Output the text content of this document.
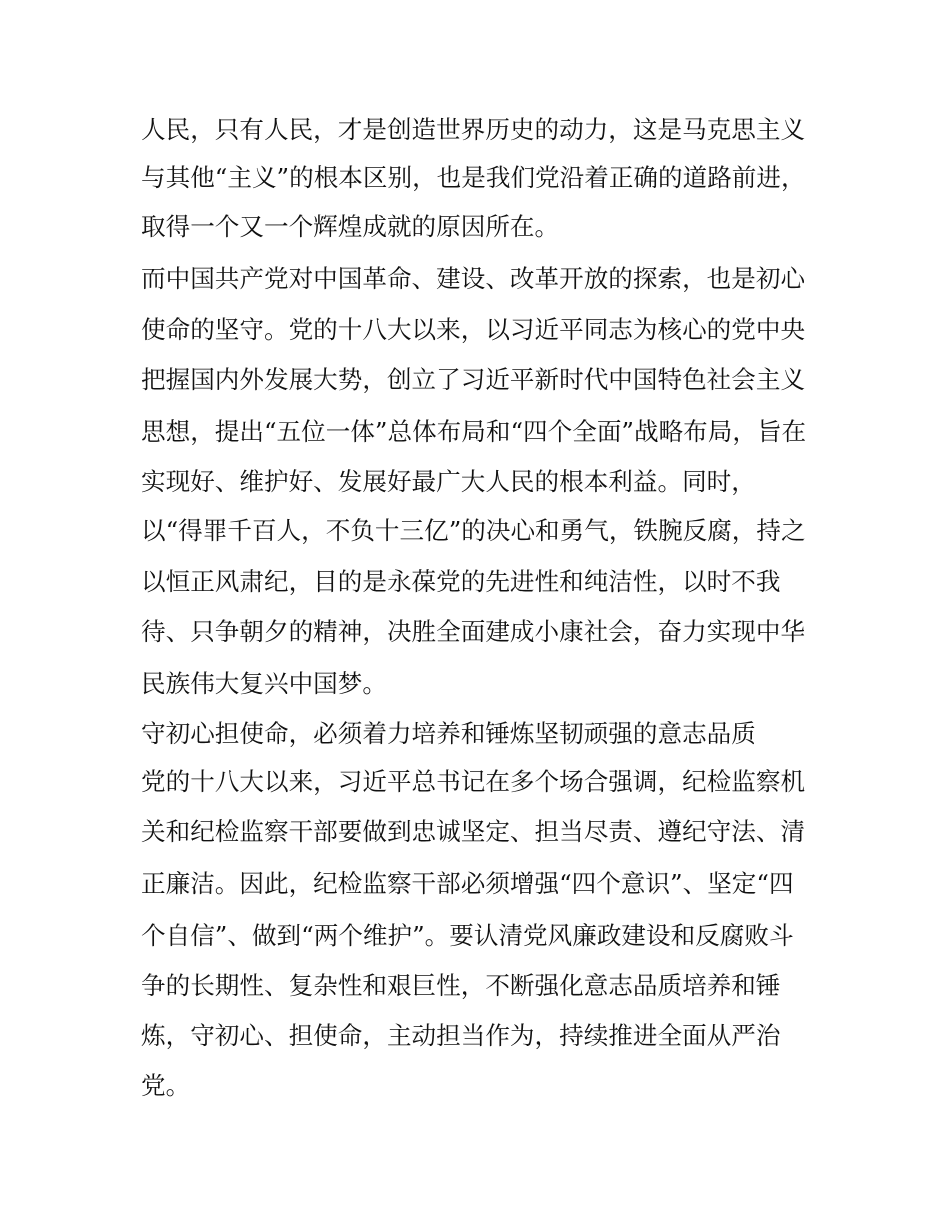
人民，只有人民，才是创造世界历史的动力，这是马克思主义
与其他“主义”的根本区别，也是我们党沿着正确的道路前进，
取得一个又一个辉煌成就的原因所在。
而中国共产党对中国革命、建设、改革开放的探索，也是初心
使命的坚守。党的十八大以来，以习近平同志为核心的党中央
把握国内外发展大势，创立了习近平新时代中国特色社会主义
思想，提出“五位一体”总体布局和“四个全面”战略布局，旨在
实现好、维护好、发展好最广大人民的根本利益。同时，
以“得罪千百人，不负十三亿”的决心和勇气，铁腕反腐，持之
以恒正风肃纪，目的是永葆党的先进性和纯洁性，以时不我
待、只争朝夕的精神，决胜全面建成小康社会，奋力实现中华
民族伟大复兴中国梦。
守初心担使命，必须着力培养和锤炼坚韧顽强的意志品质
党的十八大以来，习近平总书记在多个场合强调，纪检监察机
关和纪检监察干部要做到忠诚坚定、担当尽责、遵纪守法、清
正廉洁。因此，纪检监察干部必须增强“四个意识”、坚定“四
个自信”、做到“两个维护”。要认清党风廉政建设和反腐败斗
争的长期性、复杂性和艰巨性，不断强化意志品质培养和锤
炼，守初心、担使命，主动担当作为，持续推进全面从严治
党。
